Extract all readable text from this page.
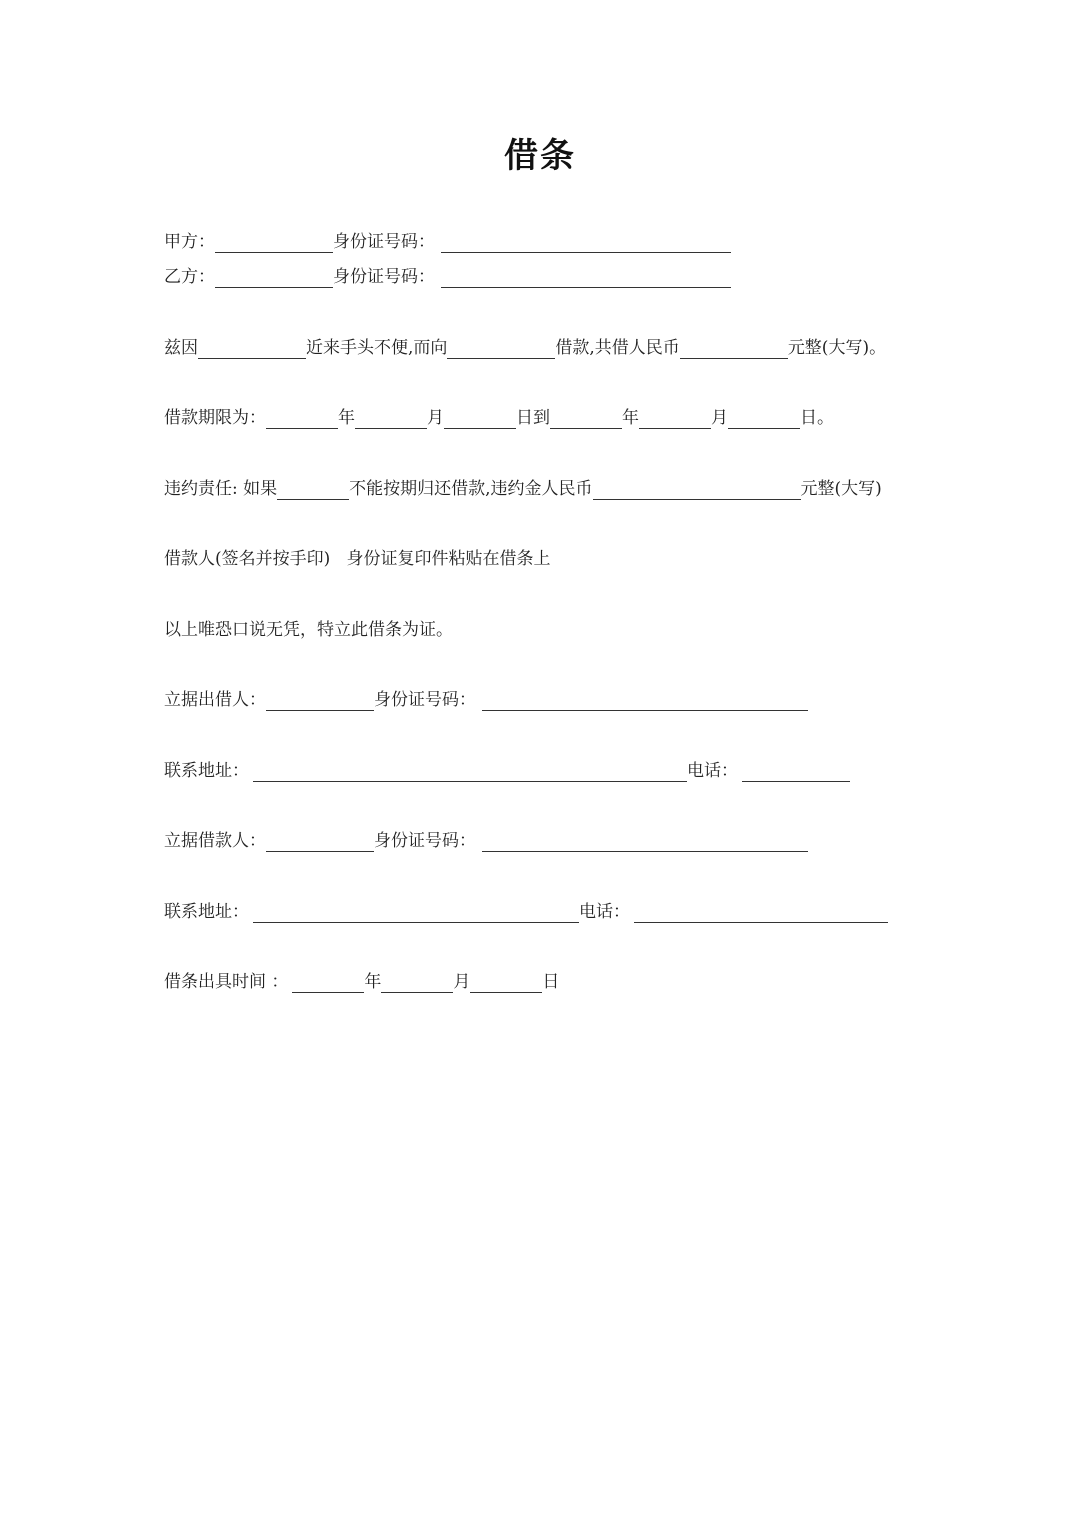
借条
甲方：	身份证号码：
乙方：	身份证号码：
兹因	近来手头不便,而向	借款,共借人民币	元整(大写)。
借款期限为：	年	月	日到	年	月	日。
违约责任: 如果	不能按期归还借款,违约金人民币	元整(大写)
借款人(签名并按手印)   身份证复印件粘贴在借条上
以上唯恐口说无凭，特立此借条为证。
立据出借人：	身份证号码：
联系地址：	电话：
立据借款人：	身份证号码：
联系地址：	电话：
借条出具时间 ：	年	月	日
